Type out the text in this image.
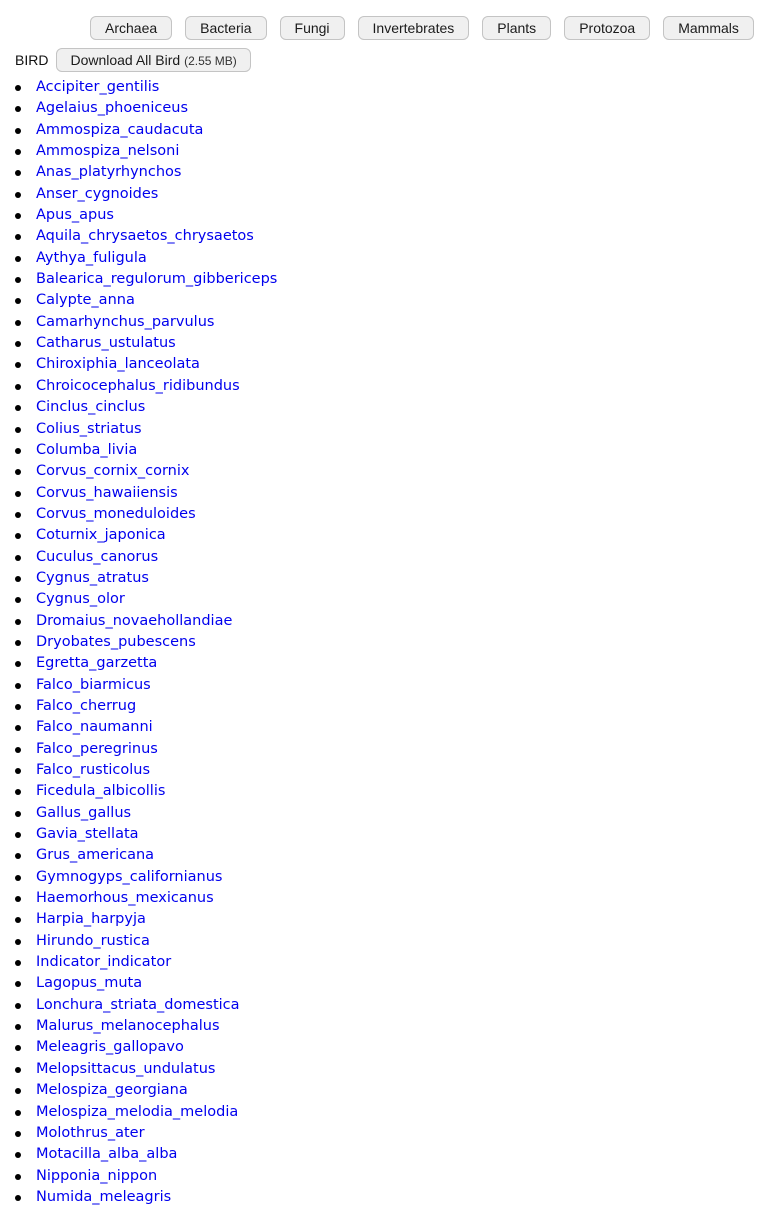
Archaea	Bacteria	Fungi	Invertebrates	Plants	Protozoa	Mammals
BIRD	Download All Bird (2.55 MB)
Accipiter_gentilis
Agelaius_phoeniceus
Ammospiza_caudacuta
Ammospiza_nelsoni
Anas_platyrhynchos
Anser_cygnoides
Apus_apus
Aquila_chrysaetos_chrysaetos
Aythya_fuligula
Balearica_regulorum_gibbericeps
Calypte_anna
Camarhynchus_parvulus
Catharus_ustulatus
Chiroxiphia_lanceolata
Chroicocephalus_ridibundus
Cinclus_cinclus
Colius_striatus
Columba_livia
Corvus_cornix_cornix
Corvus_hawaiiensis
Corvus_moneduloides
Coturnix_japonica
Cuculus_canorus
Cygnus_atratus
Cygnus_olor
Dromaius_novaehollandiae
Dryobates_pubescens
Egretta_garzetta
Falco_biarmicus
Falco_cherrug
Falco_naumanni
Falco_peregrinus
Falco_rusticolus
Ficedula_albicollis
Gallus_gallus
Gavia_stellata
Grus_americana
Gymnogyps_californianus
Haemorhous_mexicanus
Harpia_harpyja
Hirundo_rustica
Indicator_indicator
Lagopus_muta
Lonchura_striata_domestica
Malurus_melanocephalus
Meleagris_gallopavo
Melopsittacus_undulatus
Melospiza_georgiana
Melospiza_melodia_melodia
Molothrus_ater
Motacilla_alba_alba
Nipponia_nippon
Numida_meleagris
